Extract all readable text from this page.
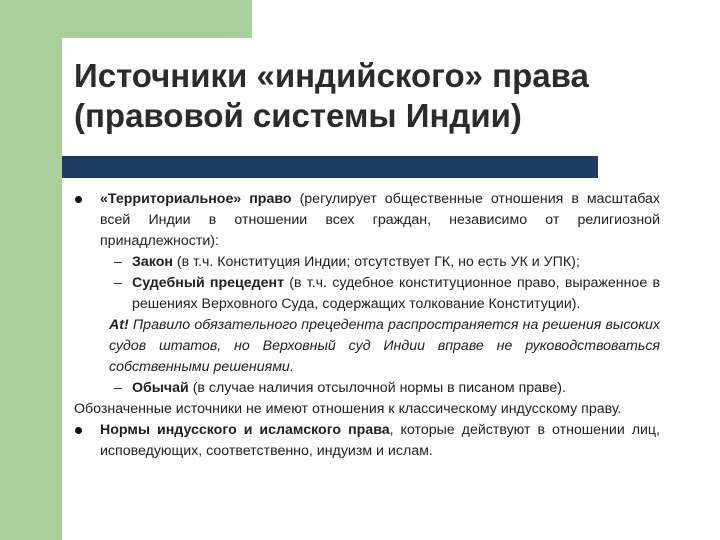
Источники «индийского» права
(правовой системы Индии)

«Территориальное» право (регулирует общественные отношения в масштабах всей Индии в отношении всех граждан, независимо от религиозной принадлежности):

– Закон (в т.ч. Конституция Индии; отсутствует ГК, но есть УК и УПК);

– Судебный прецедент (в т.ч. судебное конституционное право, выраженное в решениях Верховного Суда, содержащих толкование Конституции).

At! Правило обязательного прецедента распространяется на решения высоких судов штатов, но Верховный суд Индии вправе не руководствоваться собственными решениями.

– Обычай (в случае наличия отсылочной нормы в писаном праве).

Обозначенные источники не имеют отношения к классическому индусскому праву.

Нормы индусского и исламского права, которые действуют в отношении лиц, исповедующих, соответственно, индуизм и ислам.
